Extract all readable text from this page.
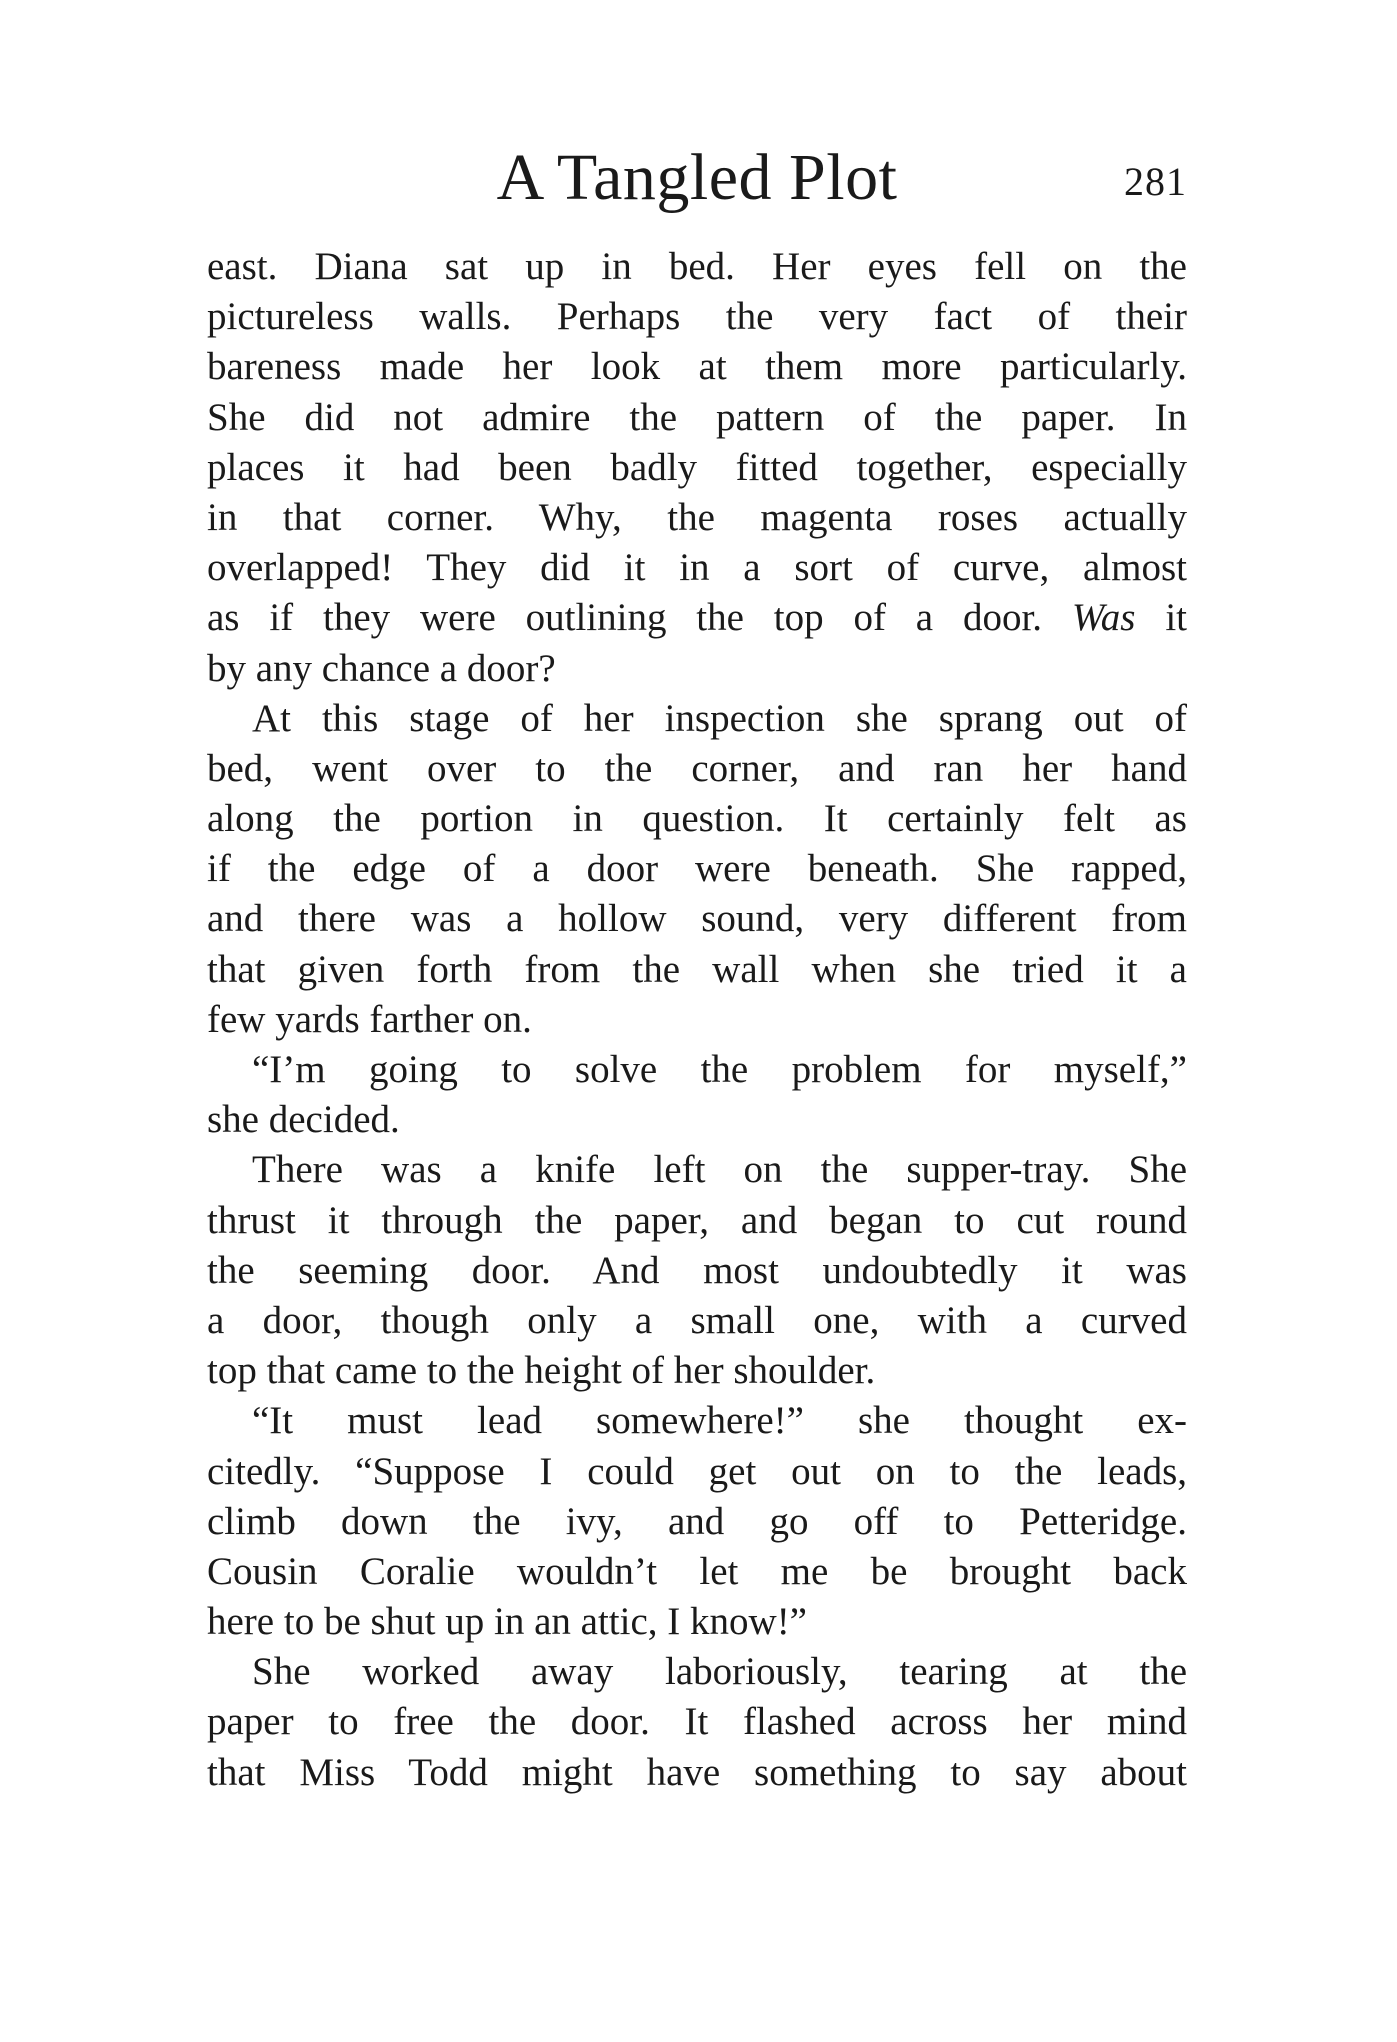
A Tangled Plot	281
east. Diana sat up in bed. Her eyes fell on the
pictureless walls. Perhaps the very fact of their
bareness made her look at them more particularly.
She did not admire the pattern of the paper. In
places it had been badly fitted together, especially
in that corner. Why, the magenta roses actually
overlapped! They did it in a sort of curve, almost
as if they were outlining the top of a door. Was it
by any chance a door?
At this stage of her inspection she sprang out of
bed, went over to the corner, and ran her hand
along the portion in question. It certainly felt as
if the edge of a door were beneath. She rapped,
and there was a hollow sound, very different from
that given forth from the wall when she tried it a
few yards farther on.
“I’m going to solve the problem for myself,”
she decided.
There was a knife left on the supper-tray. She
thrust it through the paper, and began to cut round
the seeming door. And most undoubtedly it was
a door, though only a small one, with a curved
top that came to the height of her shoulder.
“It must lead somewhere!” she thought ex-
citedly. “Suppose I could get out on to the leads,
climb down the ivy, and go off to Petteridge.
Cousin Coralie wouldn’t let me be brought back
here to be shut up in an attic, I know!”
She worked away laboriously, tearing at the
paper to free the door. It flashed across her mind
that Miss Todd might have something to say about
